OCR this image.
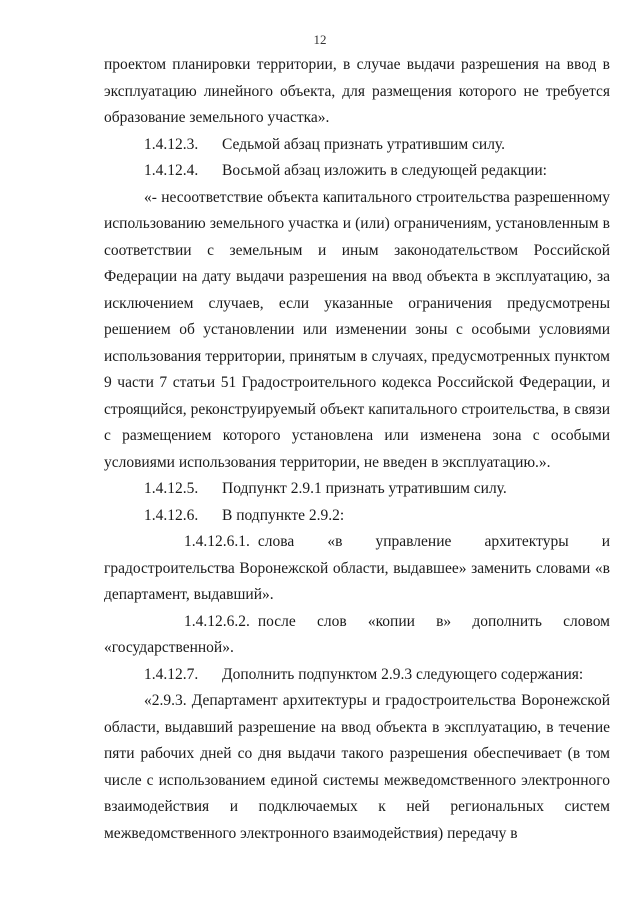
12

проектом планировки территории, в случае выдачи разрешения на ввод в эксплуатацию линейного объекта, для размещения которого не требуется образование земельного участка».

1.4.12.3.	Седьмой абзац признать утратившим силу.
1.4.12.4.	Восьмой абзац изложить в следующей редакции:

«- несоответствие объекта капитального строительства разрешенному использованию земельного участка и (или) ограничениям, установленным в соответствии с земельным и иным законодательством Российской Федерации на дату выдачи разрешения на ввод объекта в эксплуатацию, за исключением случаев, если указанные ограничения предусмотрены решением об установлении или изменении зоны с особыми условиями использования территории, принятым в случаях, предусмотренных пунктом 9 части 7 статьи 51 Градостроительного кодекса Российской Федерации, и строящийся, реконструируемый объект капитального строительства, в связи с размещением которого установлена или изменена зона с особыми условиями использования территории, не введен в эксплуатацию.».

1.4.12.5.	Подпункт 2.9.1 признать утратившим силу.
1.4.12.6.	В подпункте 2.9.2:

1.4.12.6.1. слова «в управление архитектуры и градостроительства Воронежской области, выдавшее» заменить словами «в департамент, выдавший».

1.4.12.6.2. после слов «копии в» дополнить словом «государственной».

1.4.12.7.	Дополнить подпунктом 2.9.3 следующего содержания:

«2.9.3. Департамент архитектуры и градостроительства Воронежской области, выдавший разрешение на ввод объекта в эксплуатацию, в течение пяти рабочих дней со дня выдачи такого разрешения обеспечивает (в том числе с использованием единой системы межведомственного электронного взаимодействия и подключаемых к ней региональных систем межведомственного электронного взаимодействия) передачу в
